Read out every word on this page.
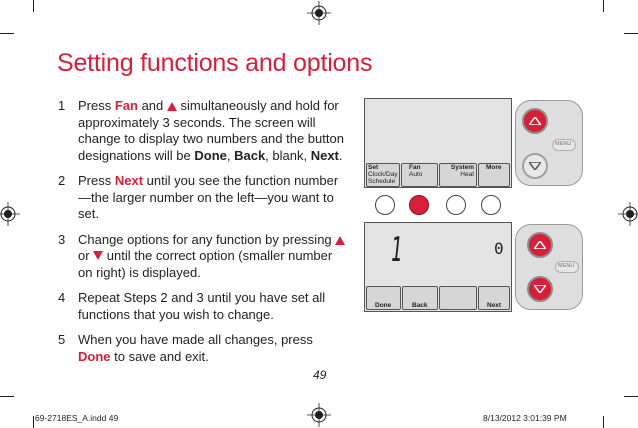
Setting functions and options
1 Press Fan and  simultaneously and hold for approximately 3 seconds. The screen will change to display two numbers and the button designations will be Done, Back, blank, Next.
2 Press Next until you see the function number—the larger number on the left—you want to set.
3 Change options for any function by pressing  or  until the correct option (smaller number on right) is displayed.
4 Repeat Steps 2 and 3 until you have set all functions that you wish to change.
5 When you have made all changes, press Done to save and exit.
Set
Clock/Day
Schedule
Fan
Auto
System
Heat
More
MENU
1	0
Done	Back	Next
MENU
49
69-2718ES_A.indd 49	8/13/2012 3:01:39 PM
